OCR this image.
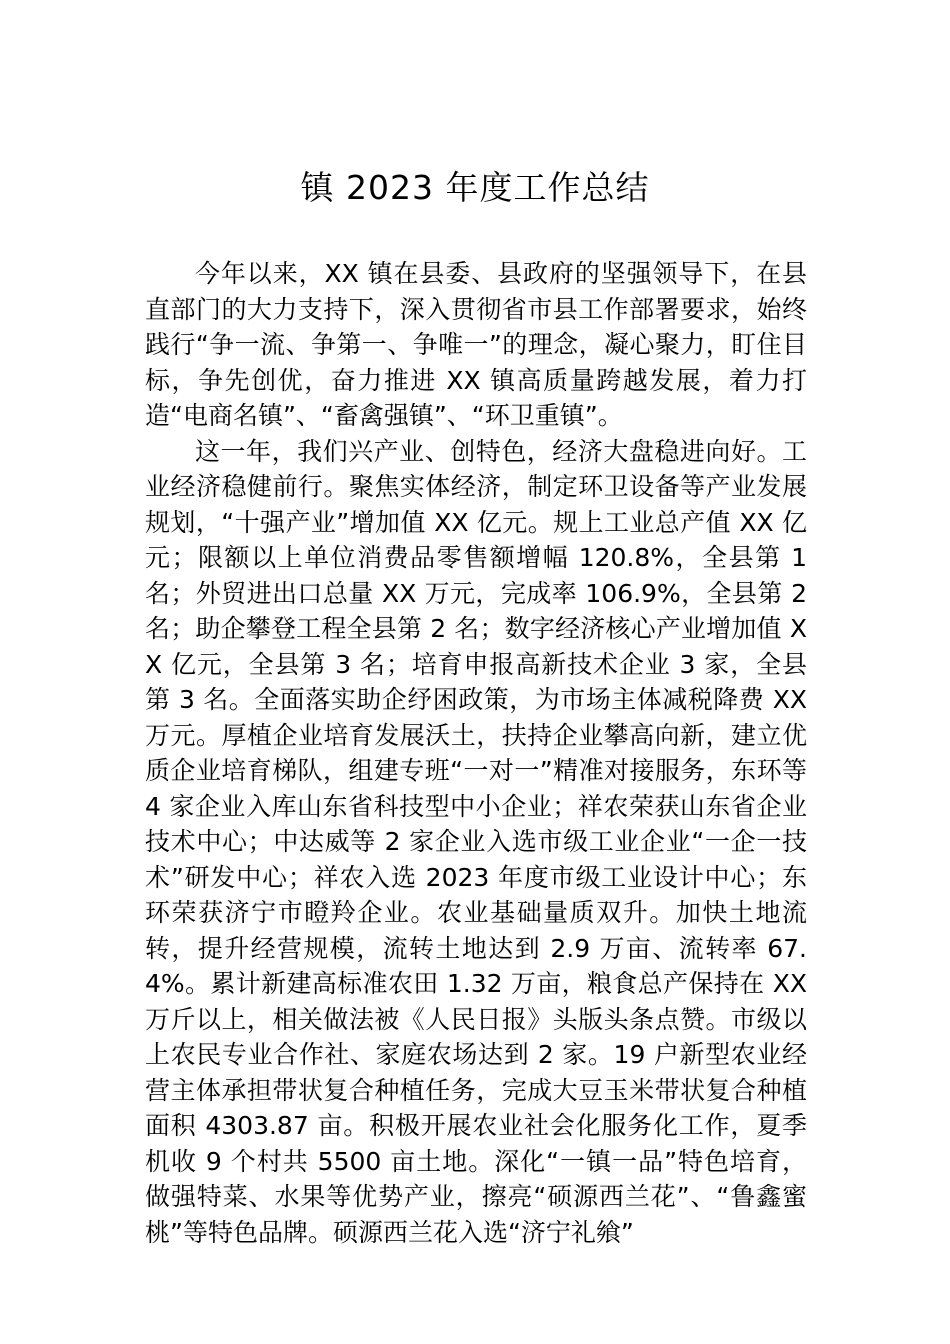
镇 2023 年度工作总结

今年以来，XX 镇在县委、县政府的坚强领导下，在县直部门的大力支持下，深入贯彻省市县工作部署要求，始终践行“争一流、争第一、争唯一”的理念，凝心聚力，盯住目标，争先创优，奋力推进 XX 镇高质量跨越发展，着力打造“电商名镇”、“畜禽强镇”、“环卫重镇”。

这一年，我们兴产业、创特色，经济大盘稳进向好。工业经济稳健前行。聚焦实体经济，制定环卫设备等产业发展规划，“十强产业”增加值 XX 亿元。规上工业总产值 XX 亿元；限额以上单位消费品零售额增幅 120.8%，全县第 1 名；外贸进出口总量 XX 万元，完成率 106.9%，全县第 2 名；助企攀登工程全县第 2 名；数字经济核心产业增加值 XX 亿元，全县第 3 名；培育申报高新技术企业 3 家，全县第 3 名。全面落实助企纾困政策，为市场主体减税降费 XX 万元。厚植企业培育发展沃土，扶持企业攀高向新，建立优质企业培育梯队，组建专班“一对一”精准对接服务，东环等 4 家企业入库山东省科技型中小企业；祥农荣获山东省企业技术中心；中达威等 2 家企业入选市级工业企业“一企一技术”研发中心；祥农入选 2023 年度市级工业设计中心；东环荣获济宁市瞪羚企业。农业基础量质双升。加快土地流转，提升经营规模，流转土地达到 2.9 万亩、流转率 67.4%。累计新建高标准农田 1.32 万亩，粮食总产保持在 XX 万斤以上，相关做法被《人民日报》头版头条点赞。市级以上农民专业合作社、家庭农场达到 2 家。19 户新型农业经营主体承担带状复合种植任务，完成大豆玉米带状复合种植面积 4303.87 亩。积极开展农业社会化服务化工作，夏季机收 9 个村共 5500 亩土地。深化“一镇一品”特色培育，做强特菜、水果等优势产业，擦亮“硕源西兰花”、“鲁鑫蜜桃”等特色品牌。硕源西兰花入选“济宁礼飨”
